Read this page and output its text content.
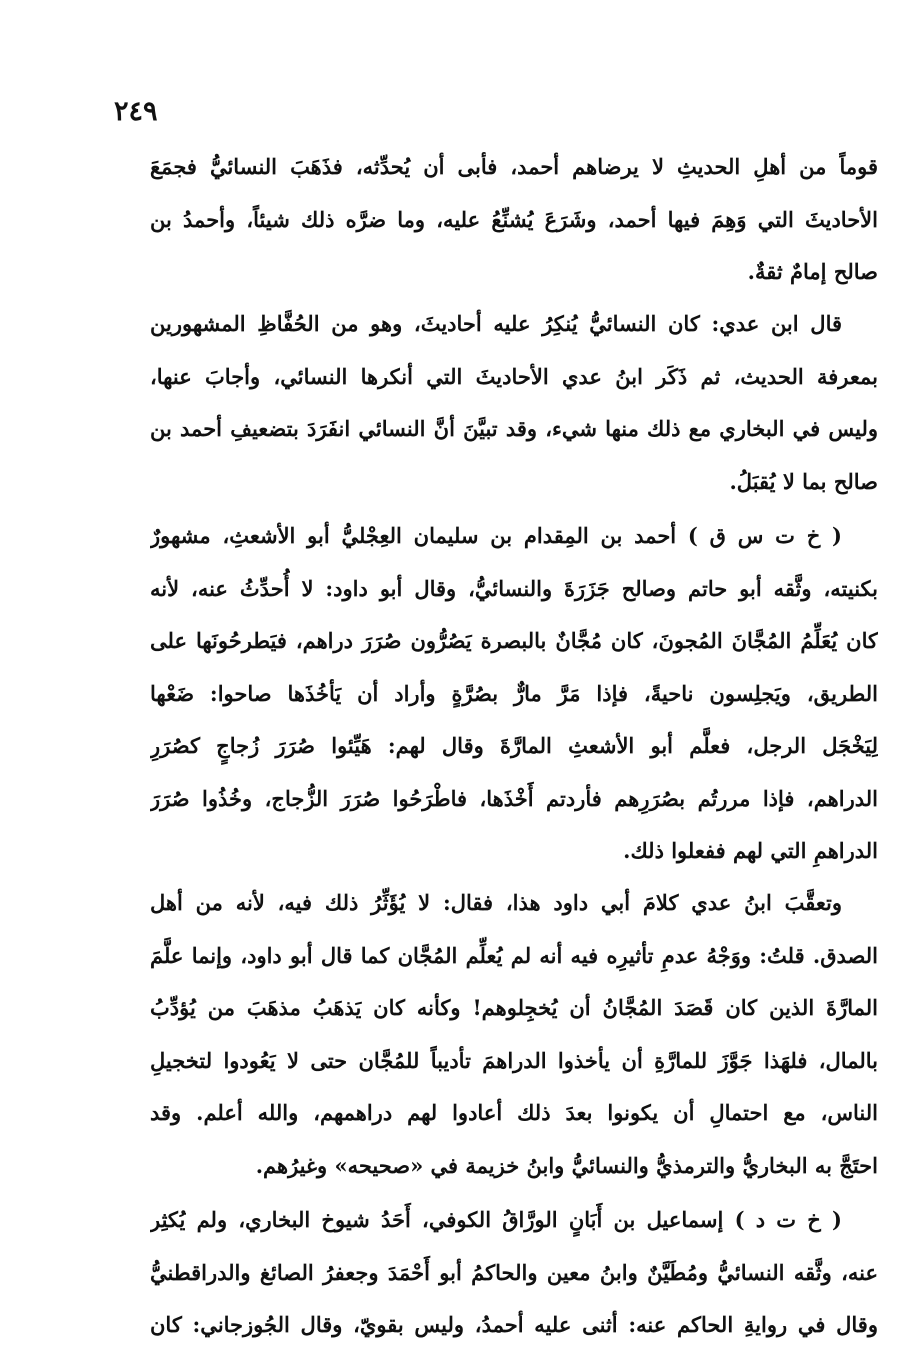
٢٤٩
قوماً من أهلِ الحديثِ لا يرضاهم أحمد، فأبى أن يُحدِّثه، فذَهَبَ النسائيُّ فجمَعَ
الأحاديثَ التي وَهِمَ فيها أحمد، وشَرَعَ يُشنِّعُ عليه، وما ضرَّه ذلك شيئاً، وأحمدُ بن
صالح إمامٌ ثقةٌ.
قال ابن عدي: كان النسائيُّ يُنكِرُ عليه أحاديثَ، وهو من الحُفَّاظِ المشهورين
بمعرفة الحديث، ثم ذَكَر ابنُ عدي الأحاديثَ التي أنكرها النسائي، وأجابَ عنها،
وليس في البخاري مع ذلك منها شيء، وقد تبيَّنَ أنَّ النسائي انفَرَدَ بتضعيفِ أحمد بن
صالح بما لا يُقبَلُ.
( خ ت س ق ) أحمد بن المِقدام بن سليمان العِجْليُّ أبو الأشعثِ، مشهورٌ
بكنيته، وثَّقه أبو حاتم وصالح جَزَرَةَ والنسائيُّ، وقال أبو داود: لا أُحدِّثُ عنه، لأنه
كان يُعَلِّمُ المُجَّانَ المُجونَ، كان مُجَّانٌ بالبصرة يَصُرُّون صُرَرَ دراهم، فيَطرحُونَها على
الطريق، ويَجلِسون ناحيةً، فإذا مَرَّ مارٌّ بصُرَّةٍ وأراد أن يَأخُذَها صاحوا: ضَعْها
لِيَخْجَل الرجل، فعلَّم أبو الأشعثِ المارَّةَ وقال لهم: هَيِّئوا صُرَرَ زُجاجٍ كصُرَرِ
الدراهم، فإذا مررتُم بصُرَرِهم فأردتم أَخْذَها، فاطْرَحُوا صُرَرَ الزُّجاج، وخُذُوا صُرَرَ
الدراهمِ التي لهم ففعلوا ذلك.
وتعقَّبَ ابنُ عدي كلامَ أبي داود هذا، فقال: لا يُؤَثِّرُ ذلك فيه، لأنه من أهل
الصدق. قلتُ: ووَجْهُ عدمِ تأثيرِه فيه أنه لم يُعلِّم المُجَّان كما قال أبو داود، وإنما علَّمَ
المارَّةَ الذين كان قَصَدَ المُجَّانُ أن يُخجِلوهم! وكأنه كان يَذهَبُ مذهَبَ من يُؤدِّبُ
بالمال، فلهَذا جَوَّزَ للمارَّةِ أن يأخذوا الدراهمَ تأديباً للمُجَّان حتى لا يَعُودوا لتخجيلِ
الناس، مع احتمالِ أن يكونوا بعدَ ذلك أعادوا لهم دراهمهم، والله أعلم. وقد
احتَجَّ به البخاريُّ والترمذيُّ والنسائيُّ وابنُ خزيمة في «صحيحه» وغيرُهم.
( خ ت د ) إسماعيل بن أَبَانٍ الورَّاقُ الكوفي، أَحَدُ شيوخ البخاري، ولم يُكثِر
عنه، وثَّقه النسائيُّ ومُطَيَّنٌ وابنُ معين والحاكمُ أبو أَحْمَدَ وجعفرُ الصائغ والدراقطنيُّ
وقال في روايةِ الحاكم عنه: أثنى عليه أحمدُ، وليس بقويّ، وقال الجُوزجاني: كان
